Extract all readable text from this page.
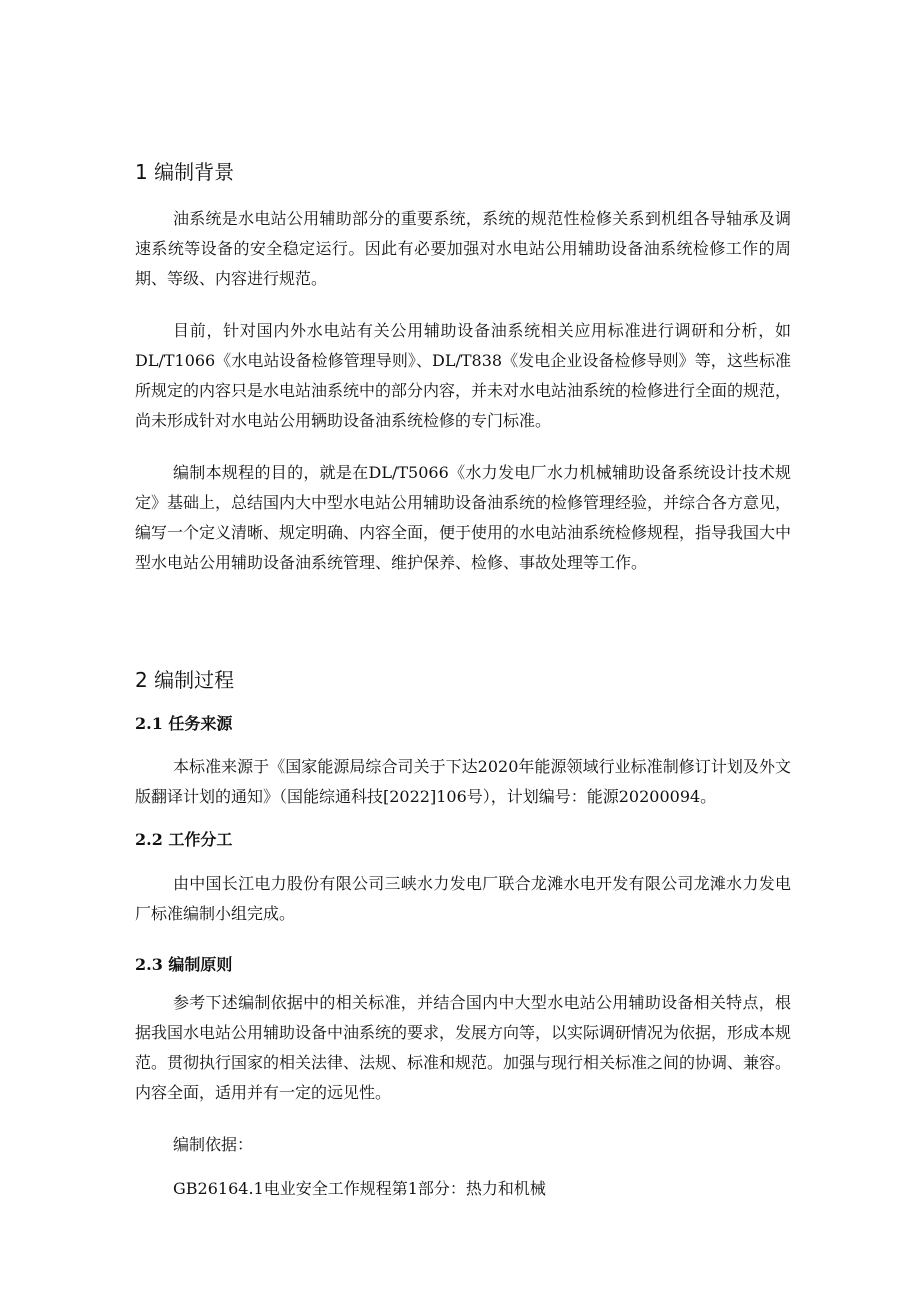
1 编制背景

油系统是水电站公用辅助部分的重要系统，系统的规范性检修关系到机组各导轴承及调速系统等设备的安全稳定运行。因此有必要加强对水电站公用辅助设备油系统检修工作的周期、等级、内容进行规范。

目前，针对国内外水电站有关公用辅助设备油系统相关应用标准进行调研和分析，如DL/T1066《水电站设备检修管理导则》、DL/T838《发电企业设备检修导则》等，这些标准所规定的内容只是水电站油系统中的部分内容，并未对水电站油系统的检修进行全面的规范，尚未形成针对水电站公用辆助设备油系统检修的专门标准。

编制本规程的目的，就是在DL/T5066《水力发电厂水力机械辅助设备系统设计技术规定》基础上，总结国内大中型水电站公用辅助设备油系统的检修管理经验，并综合各方意见，编写一个定义清晰、规定明确、内容全面，便于使用的水电站油系统检修规程，指导我国大中型水电站公用辅助设备油系统管理、维护保养、检修、事故处理等工作。

2 编制过程
2.1 任务来源

本标准来源于《国家能源局综合司关于下达2020年能源领域行业标准制修订计划及外文版翻译计划的通知》（国能综通科技[2022]106号），计划编号：能源20200094。

2.2 工作分工

由中国长江电力股份有限公司三峡水力发电厂联合龙滩水电开发有限公司龙滩水力发电厂标准编制小组完成。

2.3 编制原则

参考下述编制依据中的相关标准，并结合国内中大型水电站公用辅助设备相关特点，根据我国水电站公用辅助设备中油系统的要求，发展方向等，以实际调研情况为依据，形成本规范。贯彻执行国家的相关法律、法规、标准和规范。加强与现行相关标准之间的协调、兼容。内容全面，适用并有一定的远见性。

编制依据：

GB26164.1电业安全工作规程第1部分：热力和机械
